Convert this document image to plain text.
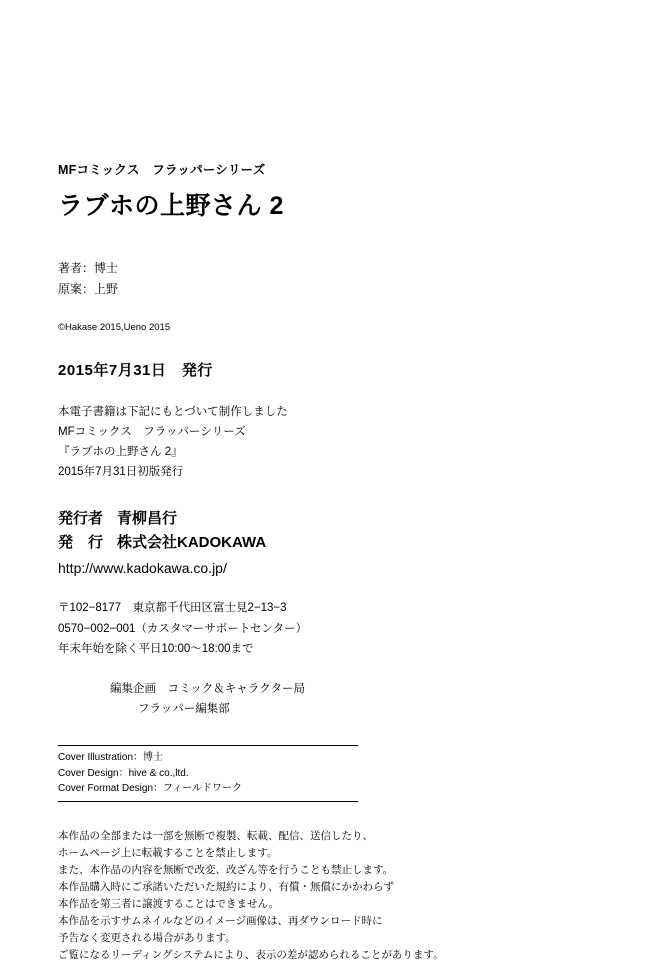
MFコミックス　フラッパーシリーズ
ラブホの上野さん 2
著者：博士
原案：上野
©Hakase 2015,Ueno 2015
2015年7月31日　発行
本電子書籍は下記にもとづいて制作しました
MFコミックス　フラッパーシリーズ
『ラブホの上野さん 2』
2015年7月31日初版発行
発行者 青柳昌行
発　行 株式会社KADOKAWA
http://www.kadokawa.co.jp/
〒102−8177　東京都千代田区富士見2−13−3
0570−002−001（カスタマーサポートセンター）
年末年始を除く平日10:00〜18:00まで
編集企画　コミック＆キャラクター局
フラッパー編集部
Cover Illustration：博士
Cover Design：hive & co.,ltd.
Cover Format Design：フィールドワーク
本作品の全部または一部を無断で複製、転載、配信、送信したり、
ホームページ上に転載することを禁止します。
また、本作品の内容を無断で改変、改ざん等を行うことも禁止します。
本作品購入時にご承諾いただいた規約により、有償・無償にかかわらず
本作品を第三者に譲渡することはできません。
本作品を示すサムネイルなどのイメージ画像は、再ダウンロード時に
予告なく変更される場合があります。
ご覧になるリーディングシステムにより、表示の差が認められることがあります。
